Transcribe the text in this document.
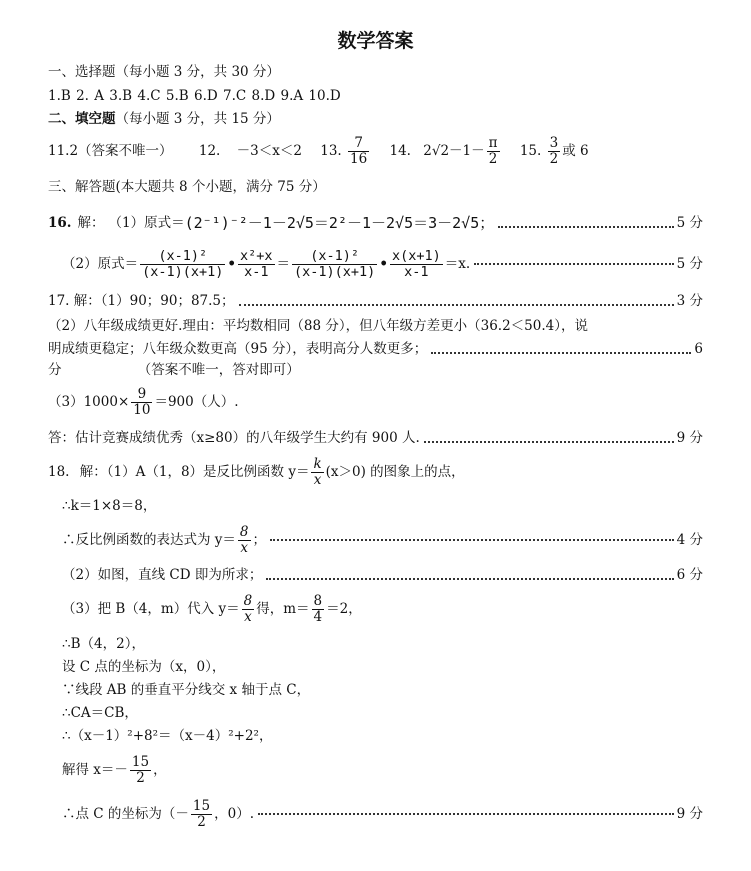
数学答案
一、选择题（每小题 3 分，共 30 分）
1.B 2. A 3.B 4.C 5.B 6.D 7.C 8.D 9.A 10.D
二、填空题（每小题 3 分，共 15 分）
11.2（答案不唯一） 12. －3＜x＜2 13. $\frac{7}{16} 14$. $2√2-1- \frac{\pi}{2} 15$. $\frac{3}{2}$ 或 6
三、解答题(本大题共 8 个小题，满分 75 分）
16. 解： （1）原式＝ (2⁻¹)⁻²－1－2√5＝2²－1－2√5＝3－2√5；	5 分
（2）原式＝ $\frac{\text{(x-1)²}}{(x-1)(x+1)}$ • $\frac{\text{x²+x}}{x-1} = \frac{\text{(x-1)²}}{(x-1)(x+1)}$ • $\frac{x(x+1)}{x-1} =x$.	5 分
17. 解：（1）90；90；87.5；	3 分
（2）八年级成绩更好.理由：平均数相同（88 分），但八年级方差更小（36.2＜50.4），说
明成绩更稳定；八年级众数更高（95 分），表明高分人数更多；	6
分	（答案不唯一，答对即可）
$(3)1000\times \frac{9}{10} =900$（人）.
答：估计竞赛成绩优秀（x≥80）的八年级学生大约有 900 人.	9 分
18. 解：（1）A（1，8）是反比例函数 $y= \frac{k}{x} (x>0)$ 的图象上的点，
∴k＝1×8＝8，
∴反比例函数的表达式为 $y= \frac{8}{x}$ ；	4 分
（2）如图，直线 CD 即为所求；	6 分
（3）把 B（4，m）代入 $y= \frac{8}{x}$ 得，$m= \frac{8}{4} =2$，
∴B（4，2），
设 C 点的坐标为（x，0），
∵线段 AB 的垂直平分线交 x 轴于点 C，
∴CA＝CB，
∴（x－1）²+8²＝（x－4）²+2²，
解得 $x=- \frac{15}{2}$ ，
∴点 C 的坐标为（－ $\frac{15}{2}$ ，0）.	9 分
